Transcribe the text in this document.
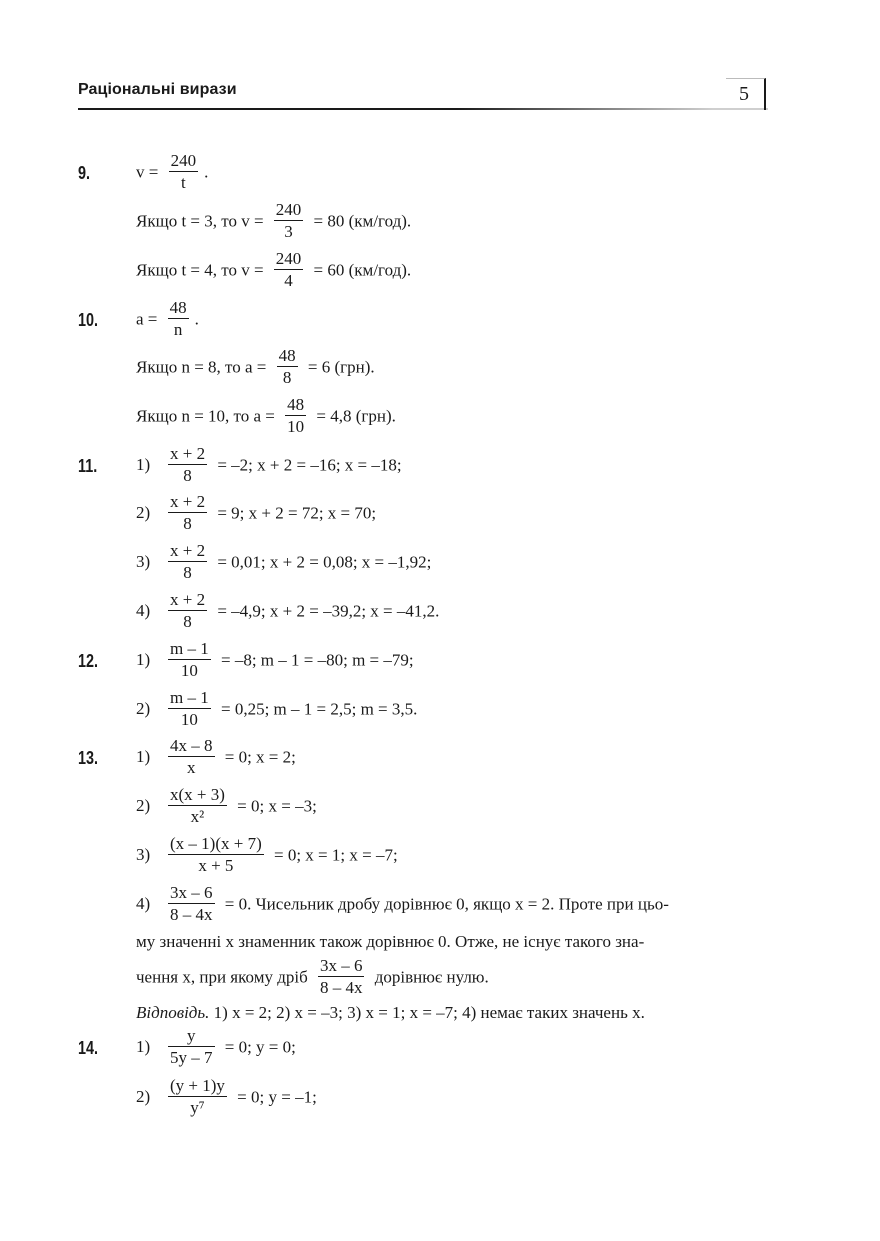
Раціональні вирази	5
9.	$v = \frac{240}{t}$ .
Якщо t = 3, то $v = \frac{240}{3} = 80$ (км/год).
Якщо t = 4, то $v = \frac{240}{4} = 60$ (км/год).
10. $a = \frac{48}{n}$ .
Якщо n = 8, то $a = \frac{48}{8} = 6$ (грн).
Якщо n = 10, то $a = \frac{48}{10} = 4,8$ (грн).
11. $1) \frac{x + 2}{8} = -2$; x + 2 = –16; x = –18;
$2) \frac{x + 2}{8} = 9$; x + 2 = 72; x = 70;
$3) \frac{x + 2}{8} = 0,01$; x + 2 = 0,08; x = –1,92;
$4) \frac{x + 2}{8} = -4,9$; x + 2 = –39,2; x = –41,2.
12. $1) \frac{m - 1}{10} = -8$; m – 1 = –80; m = –79;
$2) \frac{m - 1}{10} = 0,25$; m – 1 = 2,5; m = 3,5.
13. $1) \frac{4x - 8}{x} = 0$; x = 2;
$2) \frac{x(x + 3)}{\text{x²}} = 0$; x = –3;
$3) \frac{(x - 1)(x + 7)}{x + 5} = 0$; x = 1; x = –7;
$4) \frac{3x - 6}{8 - 4x} = 0$. Чисельник дробу дорівнює 0, якщо x = 2. Проте при цьо-
му значенні x знаменник також дорівнює 0. Отже, не існує такого зна-
чення x, при якому дріб $\frac{3x - 6}{8 - 4x}$ дорівнює нулю.
Відповідь. 1) x = 2; 2) x = –3; 3) x = 1; x = –7; 4) немає таких значень x.
14. $1) \frac{y}{5y - 7} = 0$; y = 0;
$2) \frac{(y + 1)y}{\text{y⁷}} = 0$; y = –1;
